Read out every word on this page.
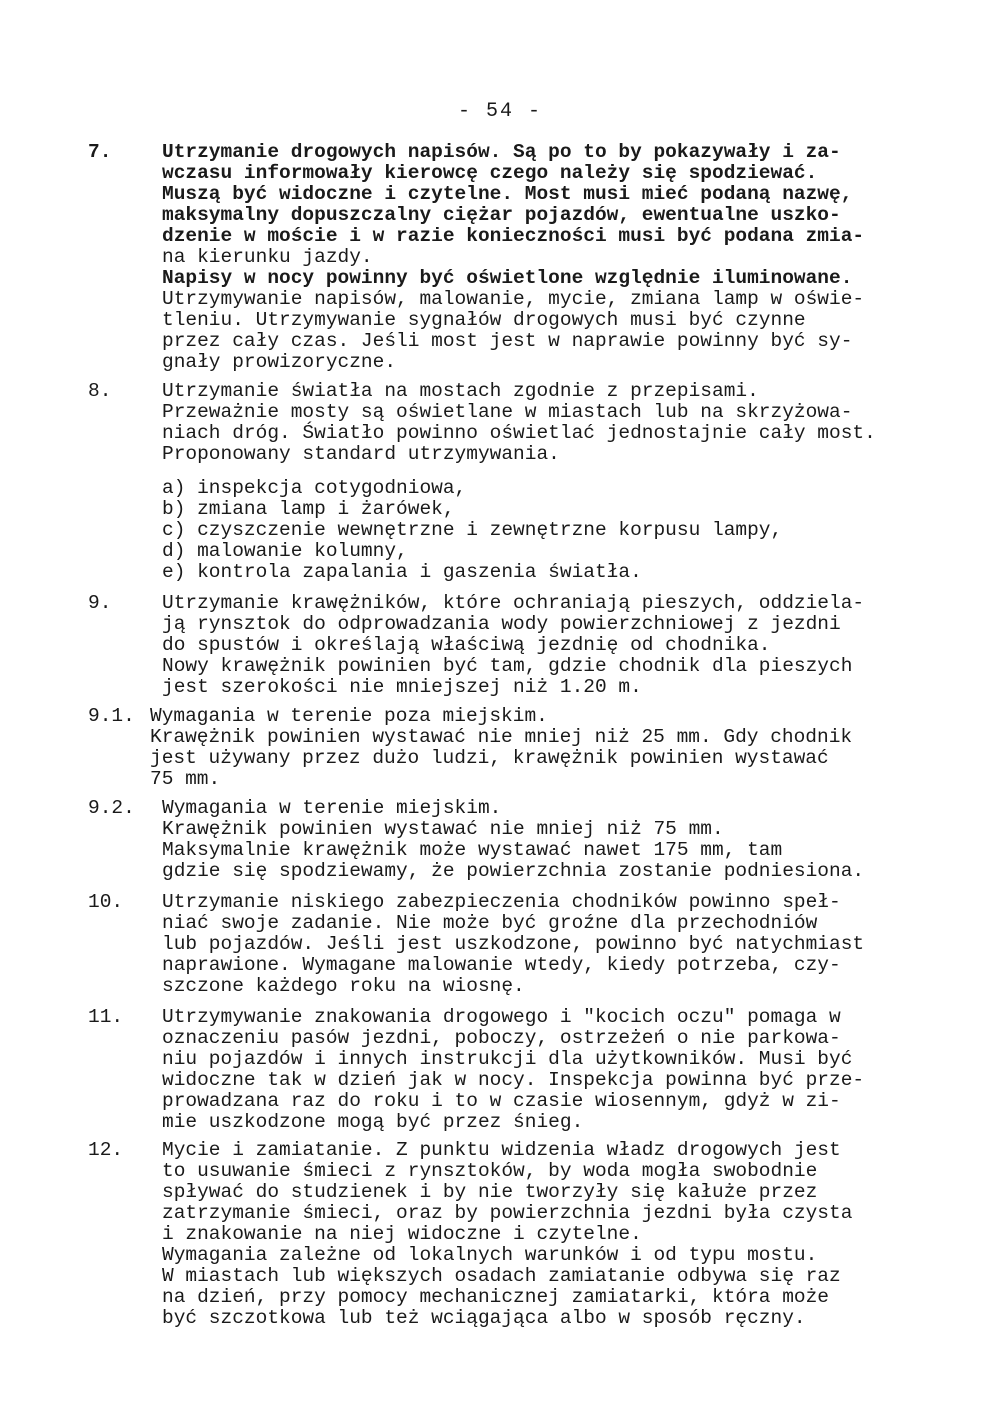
- 54 -
7.	Utrzymanie drogowych napisów. Są po to by pokazywały i za-
wczasu informowały kierowcę czego należy się spodziewać.
Muszą być widoczne i czytelne. Most musi mieć podaną nazwę,
maksymalny dopuszczalny ciężar pojazdów, ewentualne uszko-
dzenie w moście i w razie konieczności musi być podana zmia-
na kierunku jazdy.
Napisy w nocy powinny być oświetlone względnie iluminowane.
Utrzymywanie napisów, malowanie, mycie, zmiana lamp w oświe-
tleniu. Utrzymywanie sygnałów drogowych musi być czynne
przez cały czas. Jeśli most jest w naprawie powinny być sy-
gnały prowizoryczne.
8.	Utrzymanie światła na mostach zgodnie z przepisami.
Przeważnie mosty są oświetlane w miastach lub na skrzyżowa-
niach dróg. Światło powinno oświetlać jednostajnie cały most.
Proponowany standard utrzymywania.
a) inspekcja cotygodniowa,
b) zmiana lamp i żarówek,
c) czyszczenie wewnętrzne i zewnętrzne korpusu lampy,
d) malowanie kolumny,
e) kontrola zapalania i gaszenia światła.
9.	Utrzymanie krawężników, które ochraniają pieszych, oddziela-
ją rynsztok do odprowadzania wody powierzchniowej z jezdni
do spustów i określają właściwą jezdnię od chodnika.
Nowy krawężnik powinien być tam, gdzie chodnik dla pieszych
jest szerokości nie mniejszej niż 1.20 m.
9.1. Wymagania w terenie poza miejskim.
Krawężnik powinien wystawać nie mniej niż 25 mm. Gdy chodnik
jest używany przez dużo ludzi, krawężnik powinien wystawać
75 mm.
9.2. Wymagania w terenie miejskim.
Krawężnik powinien wystawać nie mniej niż 75 mm.
Maksymalnie krawężnik może wystawać nawet 175 mm, tam
gdzie się spodziewamy, że powierzchnia zostanie podniesiona.
10. Utrzymanie niskiego zabezpieczenia chodników powinno speł-
niać swoje zadanie. Nie może być groźne dla przechodniów
lub pojazdów. Jeśli jest uszkodzone, powinno być natychmiast
naprawione. Wymagane malowanie wtedy, kiedy potrzeba, czy-
szczone każdego roku na wiosnę.
11. Utrzymywanie znakowania drogowego i "kocich oczu" pomaga w
oznaczeniu pasów jezdni, poboczy, ostrzeżeń o nie parkowa-
niu pojazdów i innych instrukcji dla użytkowników. Musi być
widoczne tak w dzień jak w nocy. Inspekcja powinna być prze-
prowadzana raz do roku i to w czasie wiosennym, gdyż w zi-
mie uszkodzone mogą być przez śnieg.
12. Mycie i zamiatanie. Z punktu widzenia władz drogowych jest
to usuwanie śmieci z rynsztoków, by woda mogła swobodnie
spływać do studzienek i by nie tworzyły się kałuże przez
zatrzymanie śmieci, oraz by powierzchnia jezdni była czysta
i znakowanie na niej widoczne i czytelne.
Wymagania zależne od lokalnych warunków i od typu mostu.
W miastach lub większych osadach zamiatanie odbywa się raz
na dzień, przy pomocy mechanicznej zamiatarki, która może
być szczotkowa lub też wciągająca albo w sposób ręczny.
